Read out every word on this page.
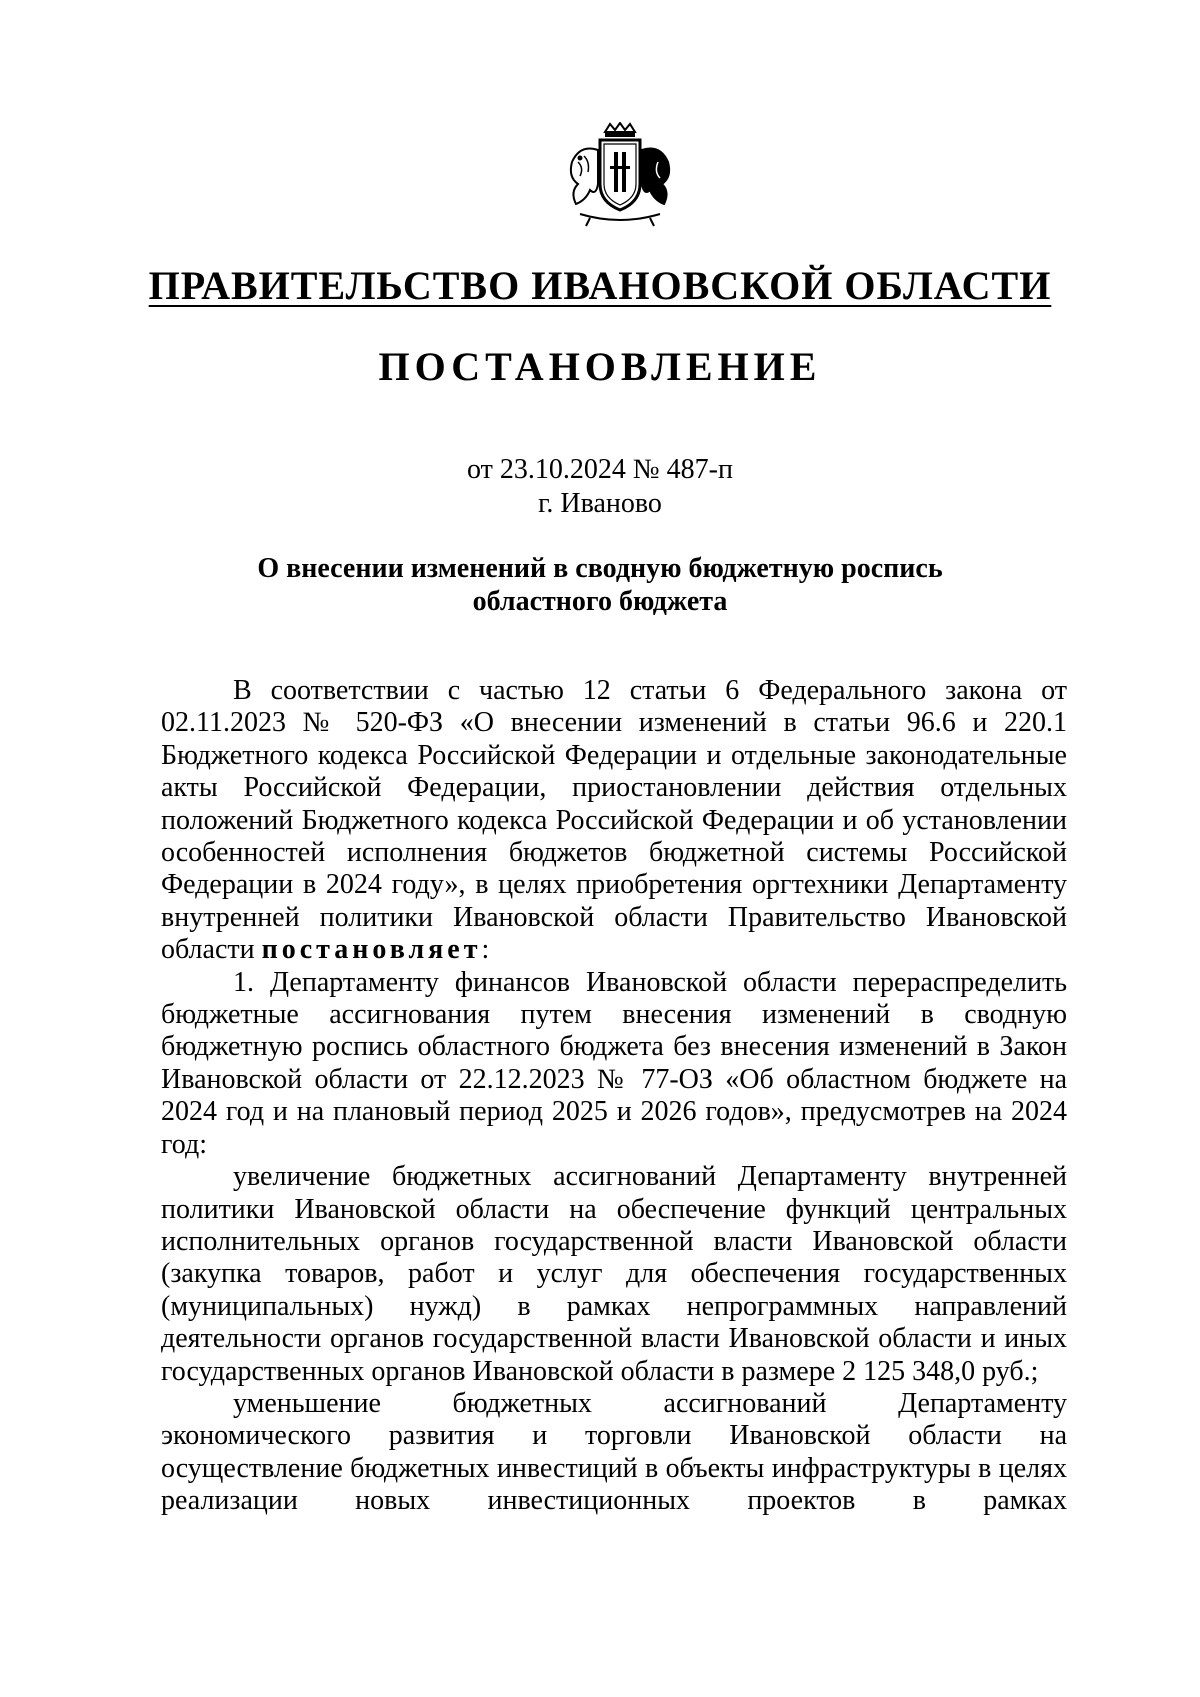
ПРАВИТЕЛЬСТВО ИВАНОВСКОЙ ОБЛАСТИ
ПОСТАНОВЛЕНИЕ
от 23.10.2024 № 487-п
г. Иваново
О внесении изменений в сводную бюджетную роспись
областного бюджета

В соответствии с частью 12 статьи 6 Федерального закона от 02.11.2023 № 520-ФЗ «О внесении изменений в статьи 96.6 и 220.1 Бюджетного кодекса Российской Федерации и отдельные законодательные акты Российской Федерации, приостановлении действия отдельных положений Бюджетного кодекса Российской Федерации и об установлении особенностей исполнения бюджетов бюджетной системы Российской Федерации в 2024 году», в целях приобретения оргтехники Департаменту внутренней политики Ивановской области Правительство Ивановской области постановляет:

1. Департаменту финансов Ивановской области перераспределить бюджетные ассигнования путем внесения изменений в сводную бюджетную роспись областного бюджета без внесения изменений в Закон Ивановской области от 22.12.2023 № 77-ОЗ «Об областном бюджете на 2024 год и на плановый период 2025 и 2026 годов», предусмотрев на 2024 год:

увеличение бюджетных ассигнований Департаменту внутренней политики Ивановской области на обеспечение функций центральных исполнительных органов государственной власти Ивановской области (закупка товаров, работ и услуг для обеспечения государственных (муниципальных) нужд) в рамках непрограммных направлений деятельности органов государственной власти Ивановской области и иных государственных органов Ивановской области в размере 2 125 348,0 руб.;

уменьшение бюджетных ассигнований Департаменту экономического развития и торговли Ивановской области на осуществление бюджетных инвестиций в объекты инфраструктуры в целях реализации новых инвестиционных проектов в рамках
